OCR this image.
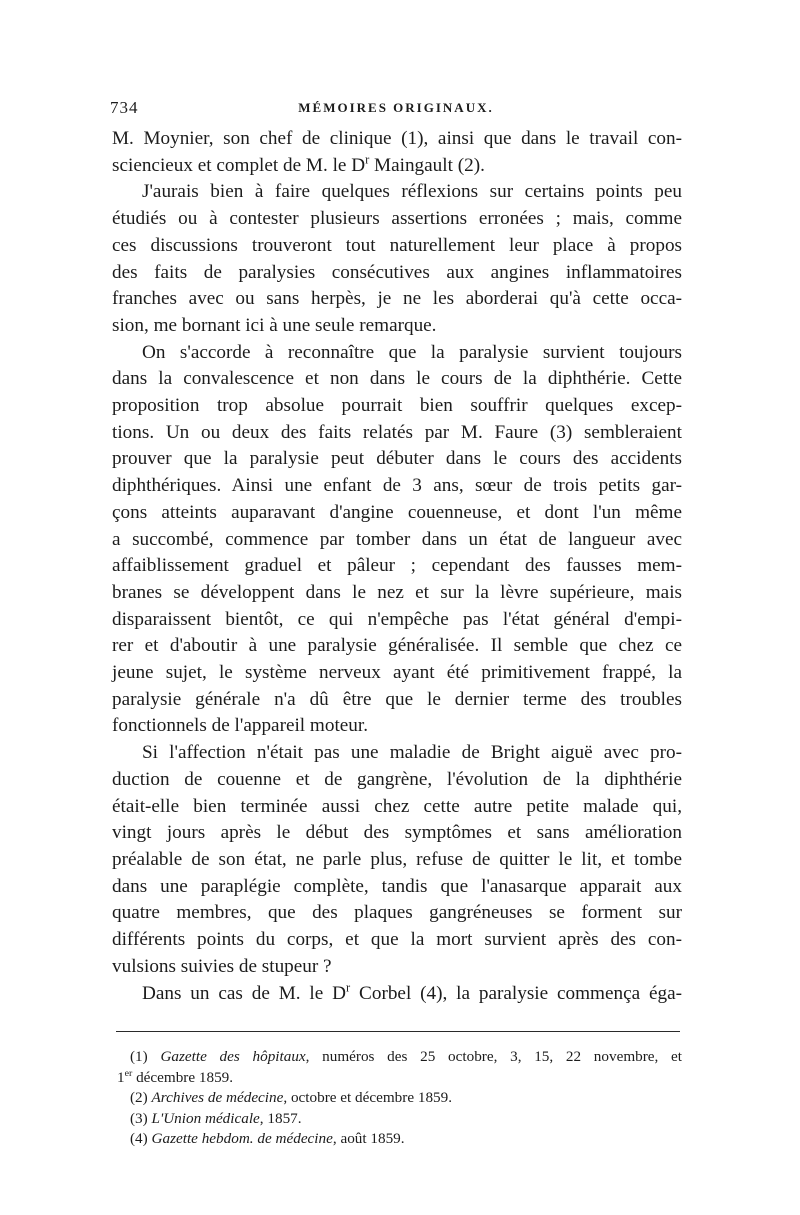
734	MÉMOIRES ORIGINAUX.

M. Moynier, son chef de clinique (1), ainsi que dans le travail con-

sciencieux et complet de M. le $D^r$ Maingault (2).

J'aurais bien à faire quelques réflexions sur certains points peu

étudiés ou à contester plusieurs assertions erronées ; mais, comme

ces discussions trouveront tout naturellement leur place à propos

des faits de paralysies consécutives aux angines inflammatoires

franches avec ou sans herpès, je ne les aborderai qu'à cette occa-

sion, me bornant ici à une seule remarque.

On s'accorde à reconnaître que la paralysie survient toujours

dans la convalescence et non dans le cours de la diphthérie. Cette

proposition trop absolue pourrait bien souffrir quelques excep-

tions. Un ou deux des faits relatés par M. Faure (3) sembleraient

prouver que la paralysie peut débuter dans le cours des accidents

diphthériques. Ainsi une enfant de 3 ans, sœur de trois petits gar-

çons atteints auparavant d'angine couenneuse, et dont l'un même

a succombé, commence par tomber dans un état de langueur avec

affaiblissement graduel et pâleur ; cependant des fausses mem-

branes se développent dans le nez et sur la lèvre supérieure, mais

disparaissent bientôt, ce qui n'empêche pas l'état général d'empi-

rer et d'aboutir à une paralysie généralisée. Il semble que chez ce

jeune sujet, le système nerveux ayant été primitivement frappé, la

paralysie générale n'a dû être que le dernier terme des troubles

fonctionnels de l'appareil moteur.

Si l'affection n'était pas une maladie de Bright aiguë avec pro-

duction de couenne et de gangrène, l'évolution de la diphthérie

était-elle bien terminée aussi chez cette autre petite malade qui,

vingt jours après le début des symptômes et sans amélioration

préalable de son état, ne parle plus, refuse de quitter le lit, et tombe

dans une paraplégie complète, tandis que l'anasarque apparait aux

quatre membres, que des plaques gangréneuses se forment sur

différents points du corps, et que la mort survient après des con-

vulsions suivies de stupeur ?

Dans un cas de M. le $D^r$ Corbel (4), la paralysie commença éga-

(1) Gazette des hôpitaux, numéros des 25 octobre, 3, 15, 22 novembre, et
1er décembre 1859.
(2) Archives de médecine, octobre et décembre 1859.
(3) L'Union médicale, 1857.
(4) Gazette hebdom. de médecine, août 1859.
